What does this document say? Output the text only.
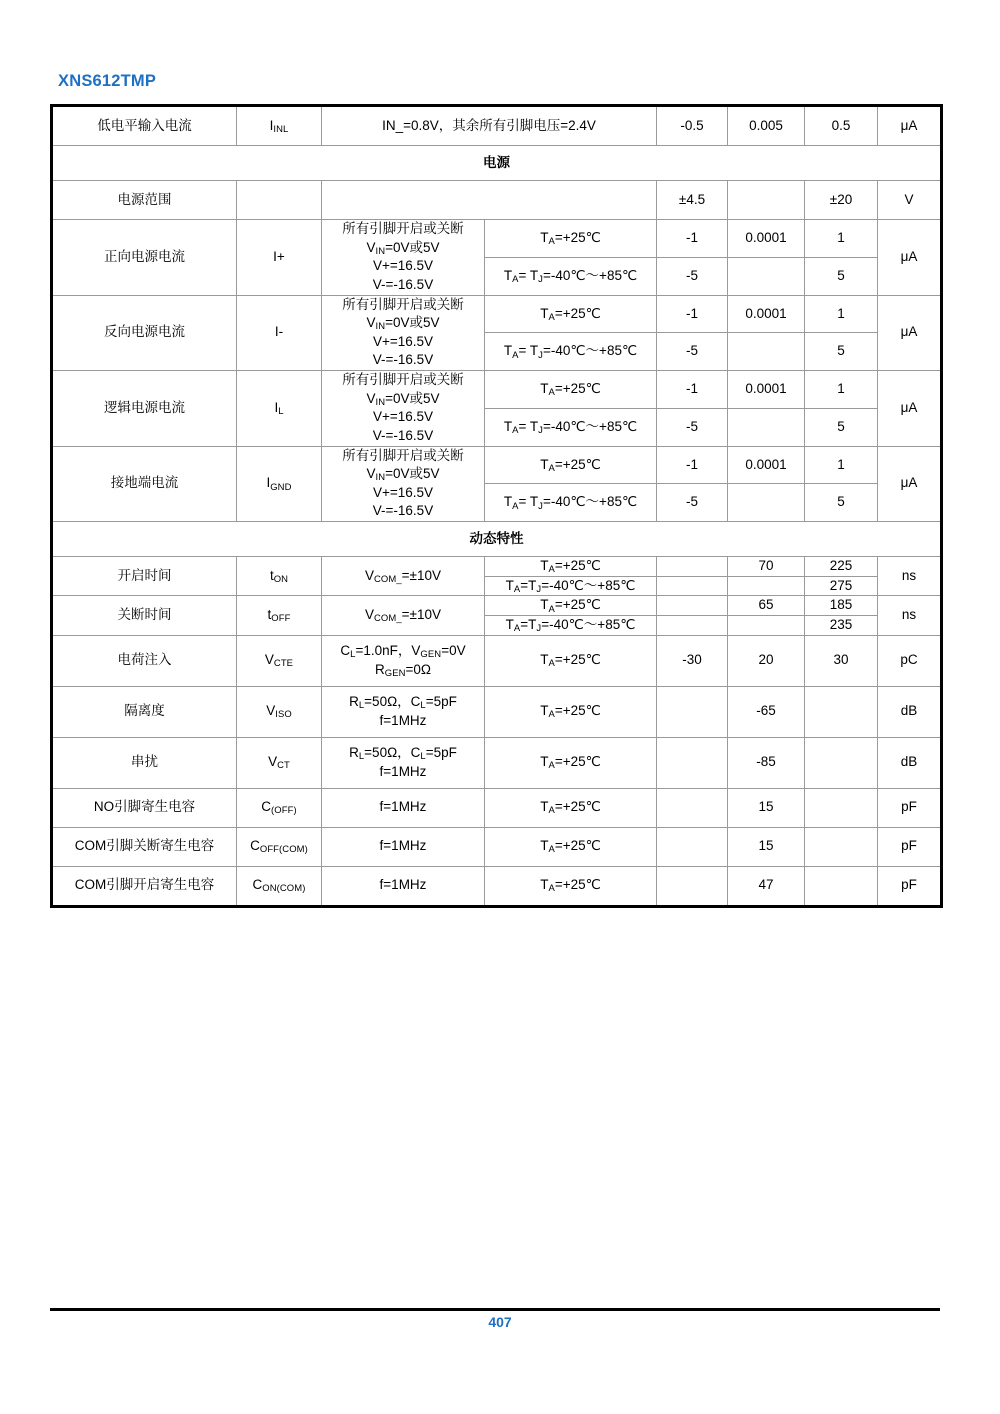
XNS612TMP
低电平输入电流	$I_{INL}$	IN_=0.8V，其余所有引脚电压=2.4V		-0.5	0.005	0.5	μA
电源							
电源范围				±4.5		±20	V
正向电源电流	I+	所有引脚开启或关断
$V_{IN}=0V$或5V
V+=16.5V
V-=-16.5V	$T_A=+25℃$	-1	0.0001	1	μA
			$T_A=$ $T_J=-40℃\sim+85℃$	-5		5	
反向电源电流	I-	所有引脚开启或关断
$V_{IN}=0V$或5V
V+=16.5V
V-=-16.5V	$T_A=+25℃$	-1	0.0001	1	μA
			$T_A=$ $T_J=-40℃\sim+85℃$	-5		5	
逻辑电源电流	$I_L$	所有引脚开启或关断
$V_{IN}=0V$或5V
V+=16.5V
V-=-16.5V	$T_A=+25℃$	-1	0.0001	1	μA
			$T_A=$ $T_J=-40℃\sim+85℃$	-5		5	
接地端电流	$I_{GND}$	所有引脚开启或关断
$V_{IN}=0V$或5V
V+=16.5V
V-=-16.5V	$T_A=+25℃$	-1	0.0001	1	μA
			$T_A=$ $T_J=-40℃\sim+85℃$	-5		5	
动态特性							
开启时间	$t_{ON}$	$V_{COM\_}=\pm 10V$	$T_A=+25℃$		70	225	ns
			$T_A=T_J=-40℃\sim+85℃$			275	
关断时间	$t_{OFF}$	$V_{COM\_}=\pm 10V$	$T_A=+25℃$		65	185	ns
			$T_A=T_J=-40℃\sim+85℃$			235	
电荷注入	$V_{CTE}$	$C_L=1.0nF$，$V_{GEN}=0V$
$R_{GEN}=0\Omega$	$T_A=+25℃$	-30	20	30	pC
隔离度	$V_{ISO}$	$R_L=50\Omega$，$C_L=5pF$
f=1MHz	$T_A=+25℃$		-65		dB
串扰	$V_{CT}$	$R_L=50\Omega$，$C_L=5pF$
f=1MHz	$T_A=+25℃$		-85		dB
NO引脚寄生电容	$C_{(OFF)}$	f=1MHz	$T_A=+25℃$		15		pF
COM引脚关断寄生电容	$C_{OFF(COM)}$	f=1MHz	$T_A=+25℃$		15		pF
COM引脚开启寄生电容	$C_{ON(COM)}$	f=1MHz	$T_A=+25℃$		47		pF
407
